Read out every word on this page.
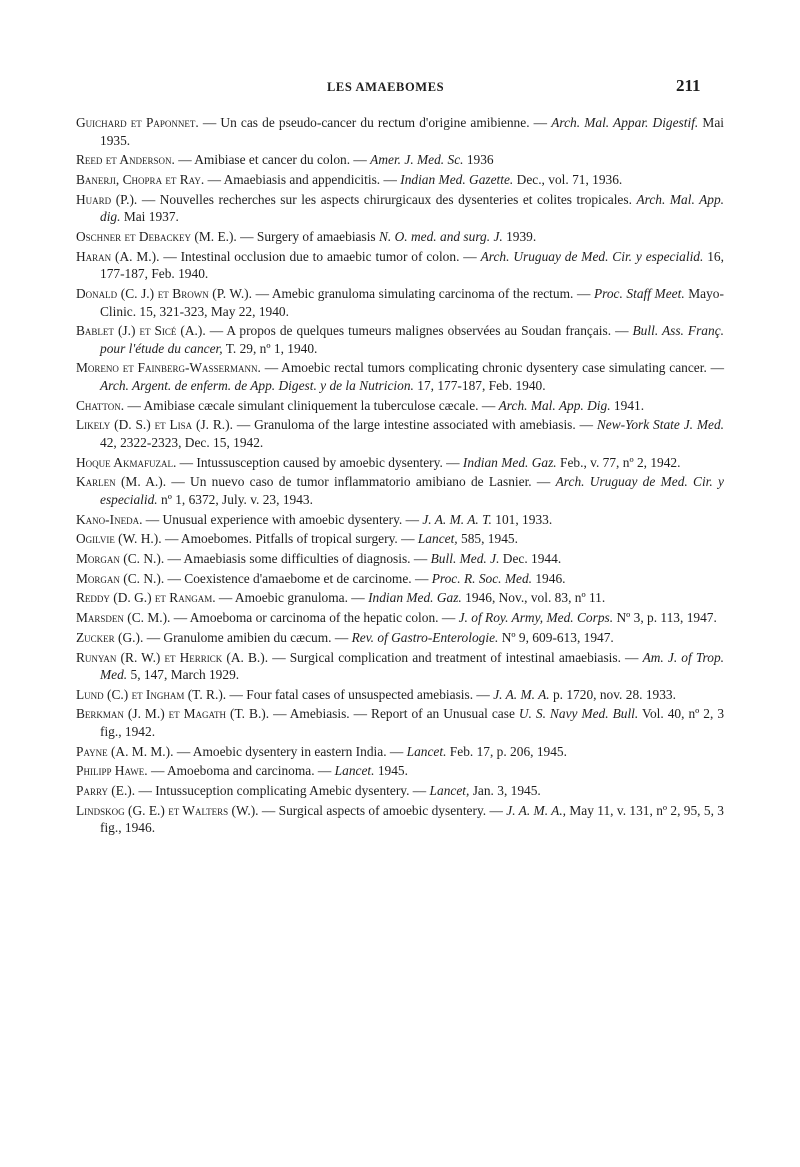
LES AMAEBOMES	211

Guichard et Paponnet. — Un cas de pseudo-cancer du rectum d'origine amibienne. — Arch. Mal. Appar. Digestif. Mai 1935.

Reed et Anderson. — Amibiase et cancer du colon. — Amer. J. Med. Sc. 1936

Banerji, Chopra et Ray. — Amaebiasis and appendicitis. — Indian Med. Gazette. Dec., vol. 71, 1936.

Huard (P.). — Nouvelles recherches sur les aspects chirurgicaux des dysenteries et colites tropicales. Arch. Mal. App. dig. Mai 1937.

Oschner et Debackey (M. E.). — Surgery of amaebiasis N. O. med. and surg. J. 1939.

Haran (A. M.). — Intestinal occlusion due to amaebic tumor of colon. — Arch. Uruguay de Med. Cir. y especialid. 16, 177-187, Feb. 1940.

Donald (C. J.) et Brown (P. W.). — Amebic granuloma simulating carcinoma of the rectum. — Proc. Staff Meet. Mayo-Clinic. 15, 321-323, May 22, 1940.

Bablet (J.) et Sicé (A.). — A propos de quelques tumeurs malignes observées au Soudan français. — Bull. Ass. Franç. pour l'étude du cancer, T. 29, nº 1, 1940.

Moreno et Fainberg-Wassermann. — Amoebic rectal tumors complicating chronic dysentery case simulating cancer. — Arch. Argent. de enferm. de App. Digest. y de la Nutricion. 17, 177-187, Feb. 1940.

Chatton. — Amibiase cæcale simulant cliniquement la tuberculose cæcale. — Arch. Mal. App. Dig. 1941.

Likely (D. S.) et Lisa (J. R.). — Granuloma of the large intestine associated with amebiasis. — New-York State J. Med. 42, 2322-2323, Dec. 15, 1942.

Hoque Akmafuzal. — Intussusception caused by amoebic dysentery. — Indian Med. Gaz. Feb., v. 77, nº 2, 1942.

Karlen (M. A.). — Un nuevo caso de tumor inflammatorio amibiano de Lasnier. — Arch. Uruguay de Med. Cir. y especialid. nº 1, 6372, July. v. 23, 1943.

Kano-Ineda. — Unusual experience with amoebic dysentery. — J. A. M. A. T. 101, 1933.

Ogilvie (W. H.). — Amoebomes. Pitfalls of tropical surgery. — Lancet, 585, 1945.

Morgan (C. N.). — Amaebiasis some difficulties of diagnosis. — Bull. Med. J. Dec. 1944.

Morgan (C. N.). — Coexistence d'amaebome et de carcinome. — Proc. R. Soc. Med. 1946.

Reddy (D. G.) et Rangam. — Amoebic granuloma. — Indian Med. Gaz. 1946, Nov., vol. 83, nº 11.

Marsden (C. M.). — Amoeboma or carcinoma of the hepatic colon. — J. of Roy. Army, Med. Corps. Nº 3, p. 113, 1947.

Zucker (G.). — Granulome amibien du cæcum. — Rev. of Gastro-Enterologie. Nº 9, 609-613, 1947.

Runyan (R. W.) et Herrick (A. B.). — Surgical complication and treatment of intestinal amaebiasis. — Am. J. of Trop. Med. 5, 147, March 1929.

Lund (C.) et Ingham (T. R.). — Four fatal cases of unsuspected amebiasis. — J. A. M. A. p. 1720, nov. 28. 1933.

Berkman (J. M.) et Magath (T. B.). — Amebiasis. — Report of an Unusual case U. S. Navy Med. Bull. Vol. 40, nº 2, 3 fig., 1942.

Payne (A. M. M.). — Amoebic dysentery in eastern India. — Lancet. Feb. 17, p. 206, 1945.

Philipp Hawe. — Amoeboma and carcinoma. — Lancet. 1945.

Parry (E.). — Intussuception complicating Amebic dysentery. — Lancet, Jan. 3, 1945.

Lindskog (G. E.) et Walters (W.). — Surgical aspects of amoebic dysentery. — J. A. M. A., May 11, v. 131, nº 2, 95, 5, 3 fig., 1946.
